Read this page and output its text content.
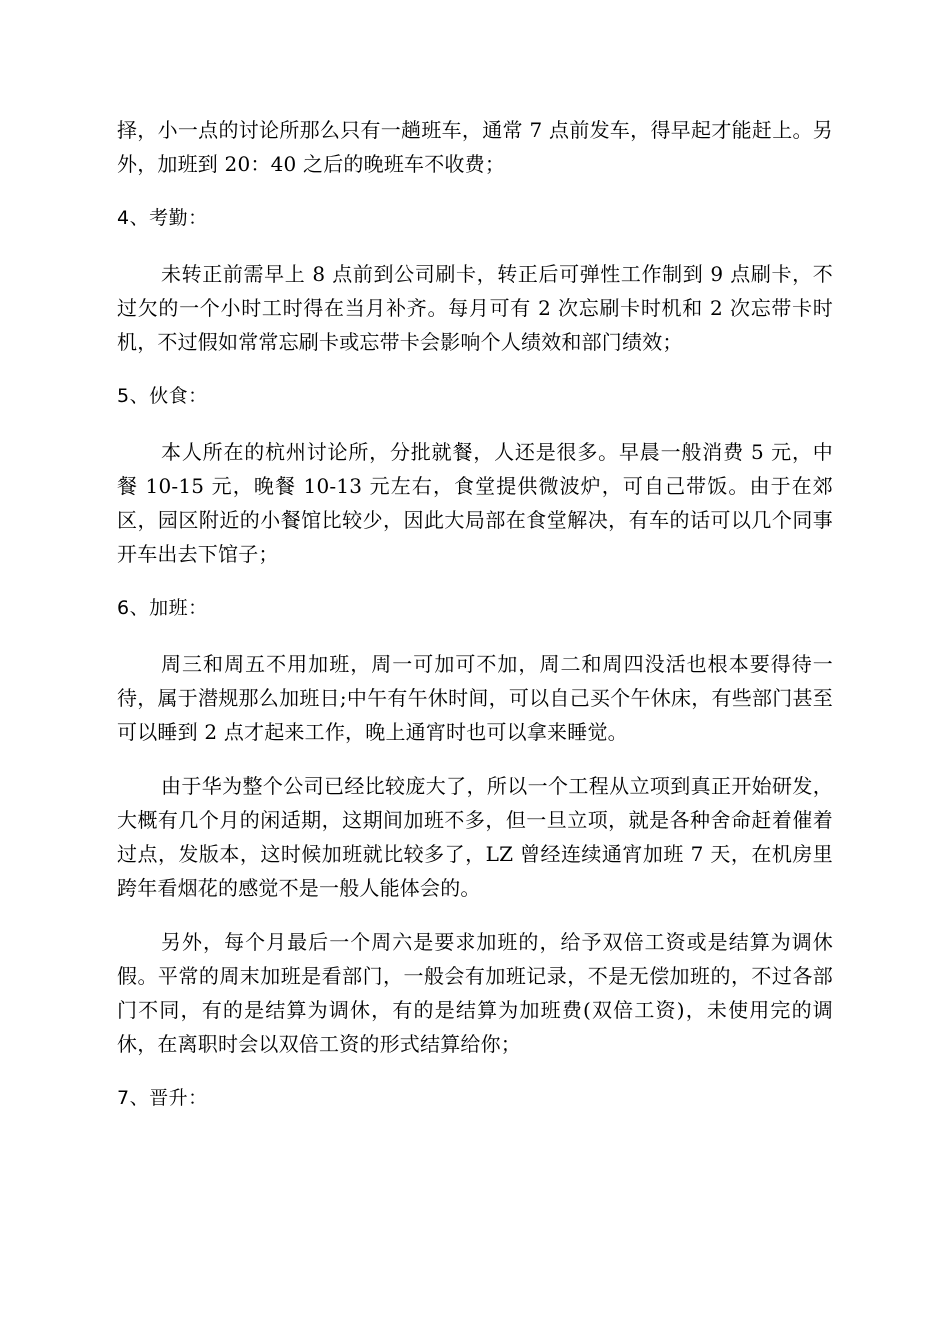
择，小一点的讨论所那么只有一趟班车，通常 7 点前发车，得早起才能赶上。另外，加班到 20：40 之后的晚班车不收费；

4、考勤：

未转正前需早上 8 点前到公司刷卡，转正后可弹性工作制到 9 点刷卡，不过欠的一个小时工时得在当月补齐。每月可有 2 次忘刷卡时机和 2 次忘带卡时机，不过假如常常忘刷卡或忘带卡会影响个人绩效和部门绩效；

5、伙食：

本人所在的杭州讨论所，分批就餐，人还是很多。早晨一般消费 5 元，中餐 10-15 元，晚餐 10-13 元左右，食堂提供微波炉，可自己带饭。由于在郊区，园区附近的小餐馆比较少，因此大局部在食堂解决，有车的话可以几个同事开车出去下馆子；

6、加班：

周三和周五不用加班，周一可加可不加，周二和周四没活也根本要得待一待，属于潜规那么加班日;中午有午休时间，可以自己买个午休床，有些部门甚至可以睡到 2 点才起来工作，晚上通宵时也可以拿来睡觉。

由于华为整个公司已经比较庞大了，所以一个工程从立项到真正开始研发，大概有几个月的闲适期，这期间加班不多，但一旦立项，就是各种舍命赶着催着过点，发版本，这时候加班就比较多了，LZ 曾经连续通宵加班 7 天，在机房里跨年看烟花的感觉不是一般人能体会的。

另外，每个月最后一个周六是要求加班的，给予双倍工资或是结算为调休假。平常的周末加班是看部门，一般会有加班记录，不是无偿加班的，不过各部门不同，有的是结算为调休，有的是结算为加班费(双倍工资)，未使用完的调休，在离职时会以双倍工资的形式结算给你；

7、晋升：
